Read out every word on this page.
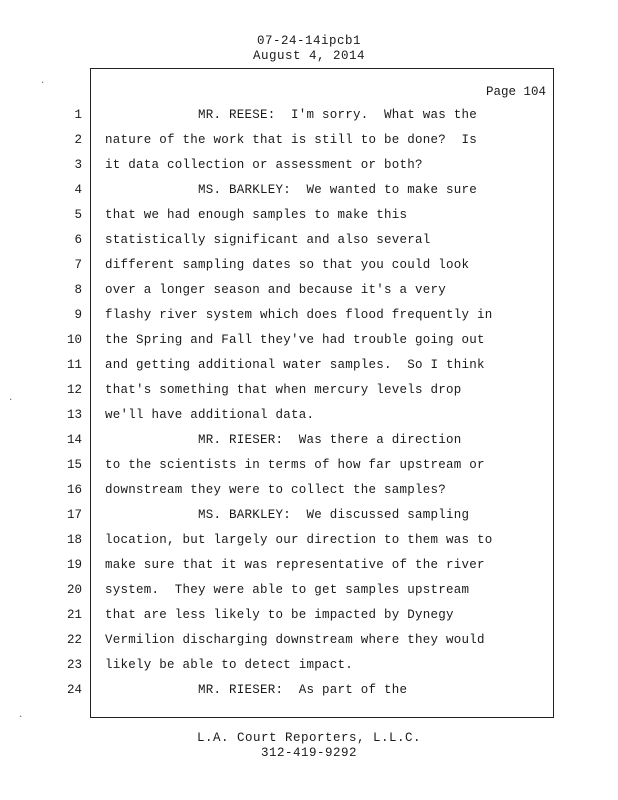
07-24-14ipcb1
August 4, 2014
Page 104
1 MR. REESE:  I'm sorry.  What was the
2 nature of the work that is still to be done?  Is
3 it data collection or assessment or both?
4 MS. BARKLEY:  We wanted to make sure
5 that we had enough samples to make this
6 statistically significant and also several
7 different sampling dates so that you could look
8 over a longer season and because it's a very
9 flashy river system which does flood frequently in
10 the Spring and Fall they've had trouble going out
11 and getting additional water samples.  So I think
12 that's something that when mercury levels drop
13 we'll have additional data.
14 MR. RIESER:  Was there a direction
15 to the scientists in terms of how far upstream or
16 downstream they were to collect the samples?
17 MS. BARKLEY:  We discussed sampling
18 location, but largely our direction to them was to
19 make sure that it was representative of the river
20 system.  They were able to get samples upstream
21 that are less likely to be impacted by Dynegy
22 Vermilion discharging downstream where they would
23 likely be able to detect impact.
24 MR. RIESER:  As part of the
L.A. Court Reporters, L.L.C.
312-419-9292
·
·
·
